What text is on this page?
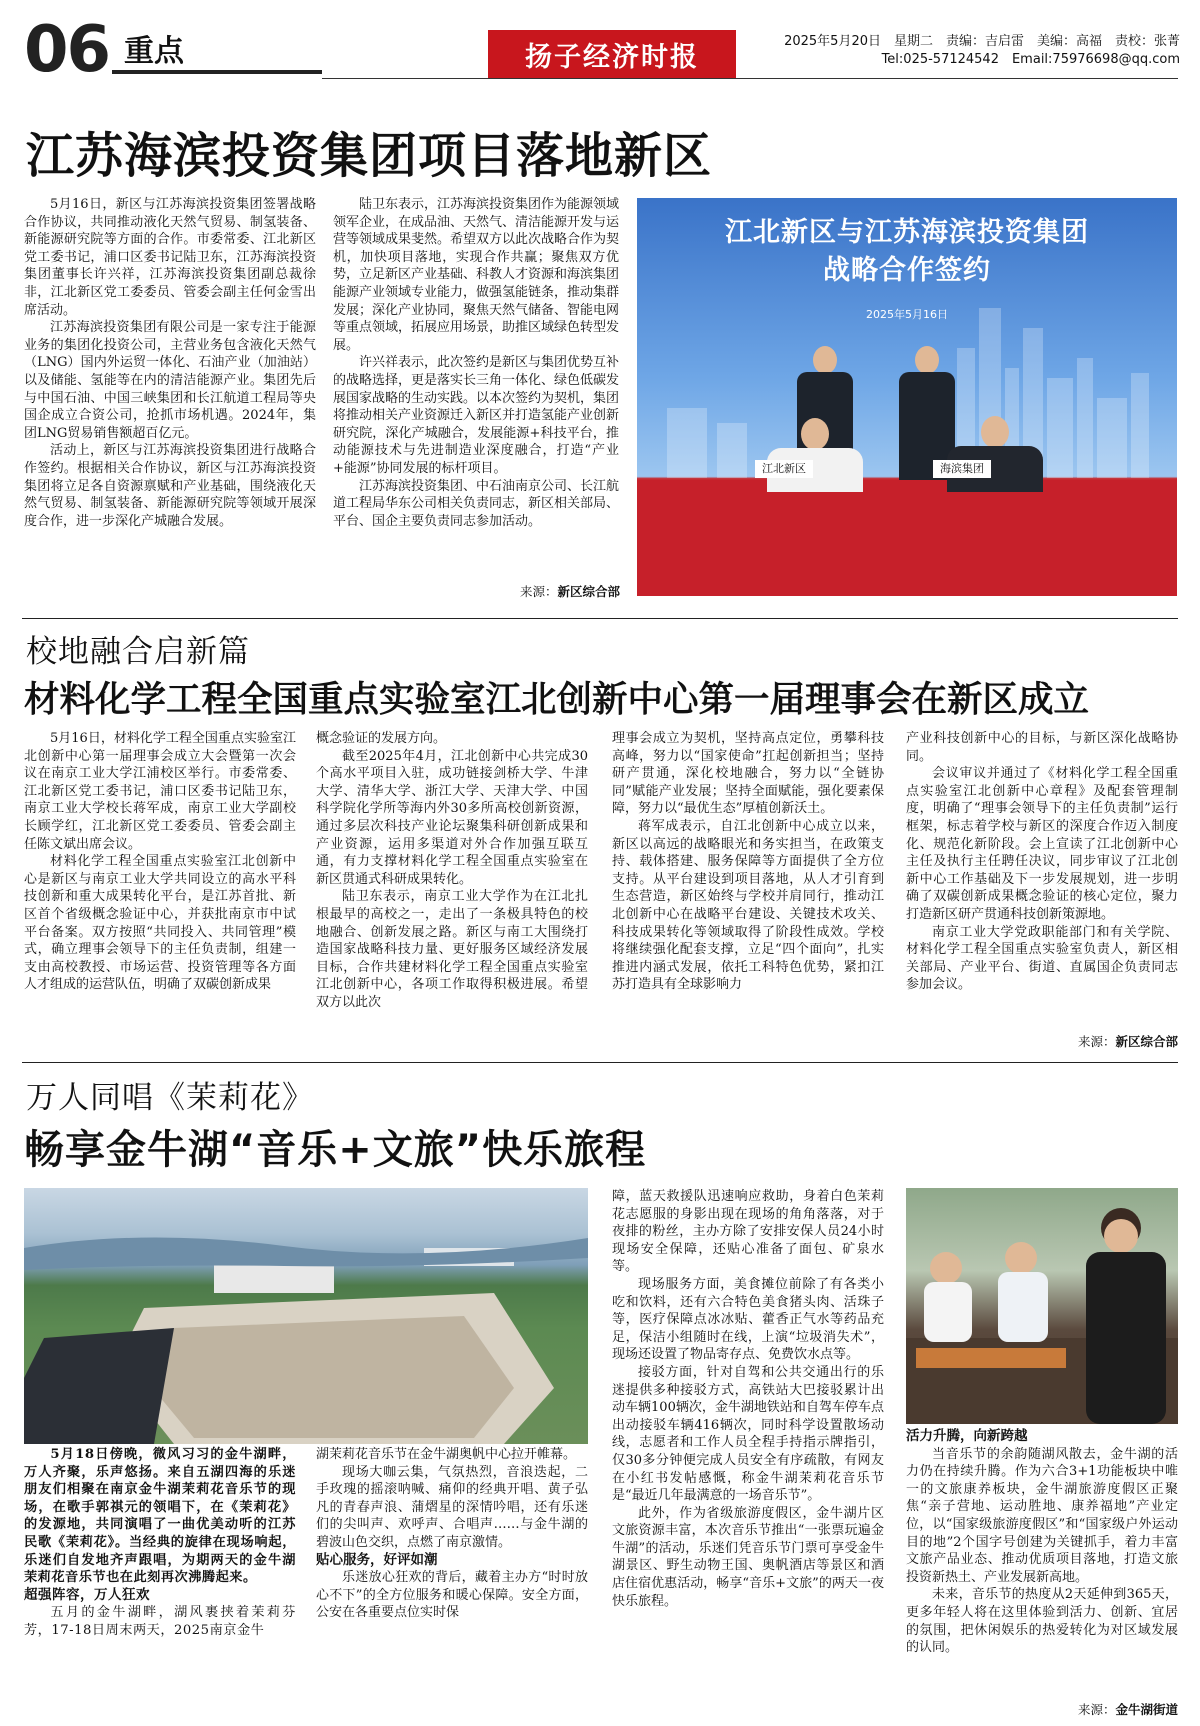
06 重点	扬子经济时报	2025年5月20日　星期二　责编：吉启雷　美编：高福　责校：张菁
Tel:025-57124542　Email:75976698@qq.com
江苏海滨投资集团项目落地新区

5月16日，新区与江苏海滨投资集团签署战略合作协议，共同推动液化天然气贸易、制氢装备、新能源研究院等方面的合作。市委常委、江北新区党工委书记，浦口区委书记陆卫东，江苏海滨投资集团董事长许兴祥，江苏海滨投资集团副总裁徐非，江北新区党工委委员、管委会副主任何金雪出席活动。

江苏海滨投资集团有限公司是一家专注于能源业务的集团化投资公司，主营业务包含液化天然气（LNG）国内外运贸一体化、石油产业（加油站）以及储能、氢能等在内的清洁能源产业。集团先后与中国石油、中国三峡集团和长江航道工程局等央国企成立合资公司，抢抓市场机遇。2024年，集团LNG贸易销售额超百亿元。

活动上，新区与江苏海滨投资集团进行战略合作签约。根据相关合作协议，新区与江苏海滨投资集团将立足各自资源禀赋和产业基础，围绕液化天然气贸易、制氢装备、新能源研究院等领域开展深度合作，进一步深化产城融合发展。

陆卫东表示，江苏海滨投资集团作为能源领域领军企业，在成品油、天然气、清洁能源开发与运营等领域成果斐然。希望双方以此次战略合作为契机，加快项目落地，实现合作共赢；聚焦双方优势，立足新区产业基础、科教人才资源和海滨集团能源产业领域专业能力，做强氢能链条，推动集群发展；深化产业协同，聚焦天然气储备、智能电网等重点领域，拓展应用场景，助推区域绿色转型发展。

许兴祥表示，此次签约是新区与集团优势互补的战略选择，更是落实长三角一体化、绿色低碳发展国家战略的生动实践。以本次签约为契机，集团将推动相关产业资源迁入新区并打造氢能产业创新研究院，深化产城融合，发展能源+科技平台，推动能源技术与先进制造业深度融合，打造“产业+能源”协同发展的标杆项目。

江苏海滨投资集团、中石油南京公司、长江航道工程局华东公司相关负责同志，新区相关部局、平台、国企主要负责同志参加活动。

来源：新区综合部
江北新区与江苏海滨投资集团
战略合作签约
2025年5月16日
江北新区	海滨集团
校地融合启新篇
材料化学工程全国重点实验室江北创新中心第一届理事会在新区成立

5月16日，材料化学工程全国重点实验室江北创新中心第一届理事会成立大会暨第一次会议在南京工业大学江浦校区举行。市委常委、江北新区党工委书记，浦口区委书记陆卫东，南京工业大学校长蒋军成，南京工业大学副校长顾学红，江北新区党工委委员、管委会副主任陈文斌出席会议。

材料化学工程全国重点实验室江北创新中心是新区与南京工业大学共同设立的高水平科技创新和重大成果转化平台，是江苏首批、新区首个省级概念验证中心，并获批南京市中试平台备案。双方按照“共同投入、共同管理”模式，确立理事会领导下的主任负责制，组建一支由高校教授、市场运营、投资管理等各方面人才组成的运营队伍，明确了双碳创新成果

概念验证的发展方向。

截至2025年4月，江北创新中心共完成30个高水平项目入驻，成功链接剑桥大学、牛津大学、清华大学、浙江大学、天津大学、中国科学院化学所等海内外30多所高校创新资源，通过多层次科技产业论坛聚集科研创新成果和产业资源，运用多渠道对外合作加强互联互通，有力支撑材料化学工程全国重点实验室在新区贯通式科研成果转化。

陆卫东表示，南京工业大学作为在江北扎根最早的高校之一，走出了一条极具特色的校地融合、创新发展之路。新区与南工大围绕打造国家战略科技力量、更好服务区域经济发展目标，合作共建材料化学工程全国重点实验室江北创新中心，各项工作取得积极进展。希望双方以此次

理事会成立为契机，坚持高点定位，勇攀科技高峰，努力以“国家使命”扛起创新担当；坚持研产贯通，深化校地融合，努力以“全链协同”赋能产业发展；坚持全面赋能，强化要素保障，努力以“最优生态”厚植创新沃土。

蒋军成表示，自江北创新中心成立以来，新区以高远的战略眼光和务实担当，在政策支持、载体搭建、服务保障等方面提供了全方位支持。从平台建设到项目落地，从人才引育到生态营造，新区始终与学校并肩同行，推动江北创新中心在战略平台建设、关键技术攻关、科技成果转化等领域取得了阶段性成效。学校将继续强化配套支撑，立足“四个面向”，扎实推进内涵式发展，依托工科特色优势，紧扣江苏打造具有全球影响力

产业科技创新中心的目标，与新区深化战略协同。

会议审议并通过了《材料化学工程全国重点实验室江北创新中心章程》及配套管理制度，明确了“理事会领导下的主任负责制”运行框架，标志着学校与新区的深度合作迈入制度化、规范化新阶段。会上宣读了江北创新中心主任及执行主任聘任决议，同步审议了江北创新中心工作基础及下一步发展规划，进一步明确了双碳创新成果概念验证的核心定位，聚力打造新区研产贯通科技创新策源地。

南京工业大学党政职能部门和有关学院、材料化学工程全国重点实验室负责人，新区相关部局、产业平台、街道、直属国企负责同志参加会议。

来源：新区综合部
万人同唱《茉莉花》
畅享金牛湖“音乐+文旅”快乐旅程

5月18日傍晚，微风习习的金牛湖畔，万人齐聚，乐声悠扬。来自五湖四海的乐迷朋友们相聚在南京金牛湖茉莉花音乐节的现场，在歌手郭祺元的领唱下，在《茉莉花》的发源地，共同演唱了一曲优美动听的江苏民歌《茉莉花》。当经典的旋律在现场响起，乐迷们自发地齐声跟唱，为期两天的金牛湖茉莉花音乐节也在此刻再次沸腾起来。

超强阵容，万人狂欢

五月的金牛湖畔，湖风裹挟着茉莉芬芳，17-18日周末两天，2025南京金牛

湖茉莉花音乐节在金牛湖奥帆中心拉开帷幕。

现场大咖云集，气氛热烈，音浪迭起，二手玫瑰的摇滚呐喊、痛仰的经典开唱、黄子弘凡的青春声浪、蒲熠星的深情吟唱，还有乐迷们的尖叫声、欢呼声、合唱声……与金牛湖的碧波山色交织，点燃了南京激情。

贴心服务，好评如潮

乐迷放心狂欢的背后，藏着主办方“时时放心不下”的全方位服务和暖心保障。安全方面，公安在各重要点位实时保

障，蓝天救援队迅速响应救助，身着白色茉莉花志愿服的身影出现在现场的角角落落，对于夜排的粉丝，主办方除了安排安保人员24小时现场安全保障，还贴心准备了面包、矿泉水等。

现场服务方面，美食摊位前除了有各类小吃和饮料，还有六合特色美食猪头肉、活珠子等，医疗保障点冰冰贴、藿香正气水等药品充足，保洁小组随时在线，上演“垃圾消失术”，现场还设置了物品寄存点、免费饮水点等。

接驳方面，针对自驾和公共交通出行的乐迷提供多种接驳方式，高铁站大巴接驳累计出动车辆100辆次，金牛湖地铁站和自驾车停车点出动接驳车辆416辆次，同时科学设置散场动线，志愿者和工作人员全程手持指示牌指引，仅30多分钟便完成人员安全有序疏散，有网友在小红书发帖感慨，称金牛湖茉莉花音乐节是“最近几年最满意的一场音乐节”。

此外，作为省级旅游度假区，金牛湖片区文旅资源丰富，本次音乐节推出“一张票玩遍金牛湖”的活动，乐迷们凭音乐节门票可享受金牛湖景区、野生动物王国、奥帆酒店等景区和酒店住宿优惠活动，畅享“音乐+文旅”的两天一夜快乐旅程。

活力升腾，向新跨越

当音乐节的余韵随湖风散去，金牛湖的活力仍在持续升腾。作为六合3+1功能板块中唯一的文旅康养板块，金牛湖旅游度假区正聚焦“亲子营地、运动胜地、康养福地”产业定位，以“国家级旅游度假区”和“国家级户外运动目的地”2个国字号创建为关键抓手，着力丰富文旅产品业态、推动优质项目落地，打造文旅投资新热土、产业发展新高地。

未来，音乐节的热度从2天延伸到365天，更多年轻人将在这里体验到活力、创新、宜居的氛围，把休闲娱乐的热爱转化为对区域发展的认同。

来源：金牛湖街道
